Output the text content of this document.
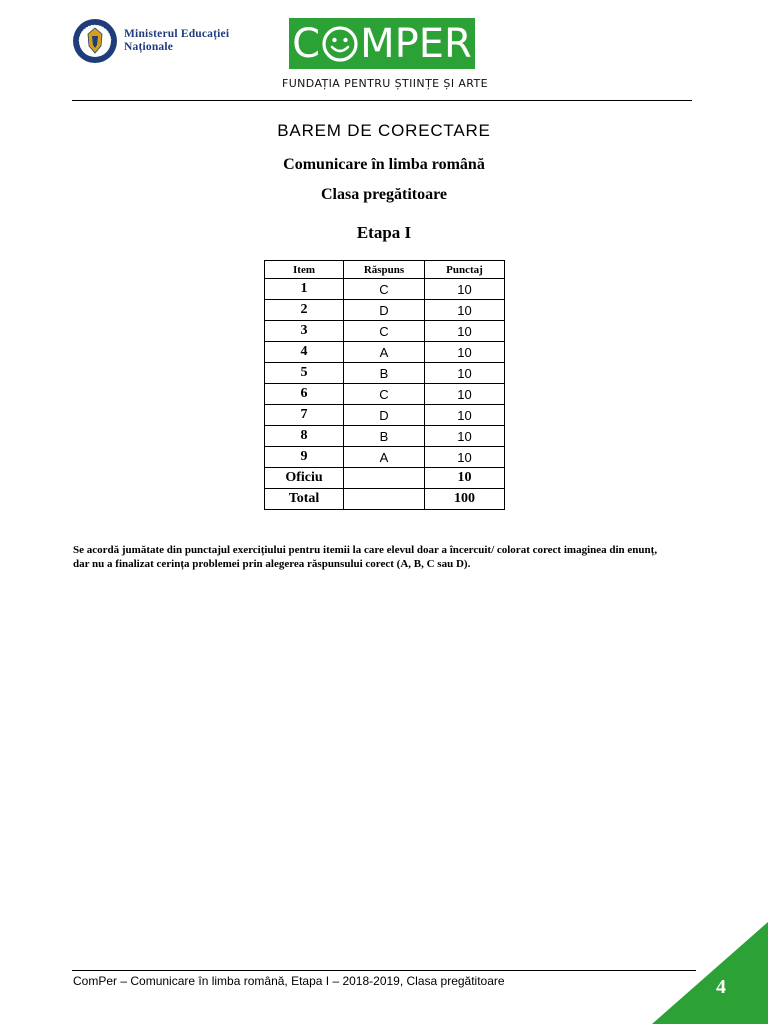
Ministerul Educației
Naționale	C MPER
FUNDAȚIA PENTRU ȘTIINȚE ȘI ARTE
BAREM DE CORECTARE
Comunicare în limba română
Clasa pregătitoare
Etapa I
Item	Răspuns	Punctaj
1	C	10
2	D	10
3	C	10
4	A	10
5	B	10
6	C	10
7	D	10
8	B	10
9	A	10
Oficiu		10
Total		100
Se acordă jumătate din punctajul exercițiului pentru itemii la care elevul doar a încercuit/ colorat corect imaginea din enunț, dar nu a finalizat cerința problemei prin alegerea răspunsului corect (A, B, C sau D).
ComPer – Comunicare în limba română, Etapa I – 2018-2019, Clasa pregătitoare	4
